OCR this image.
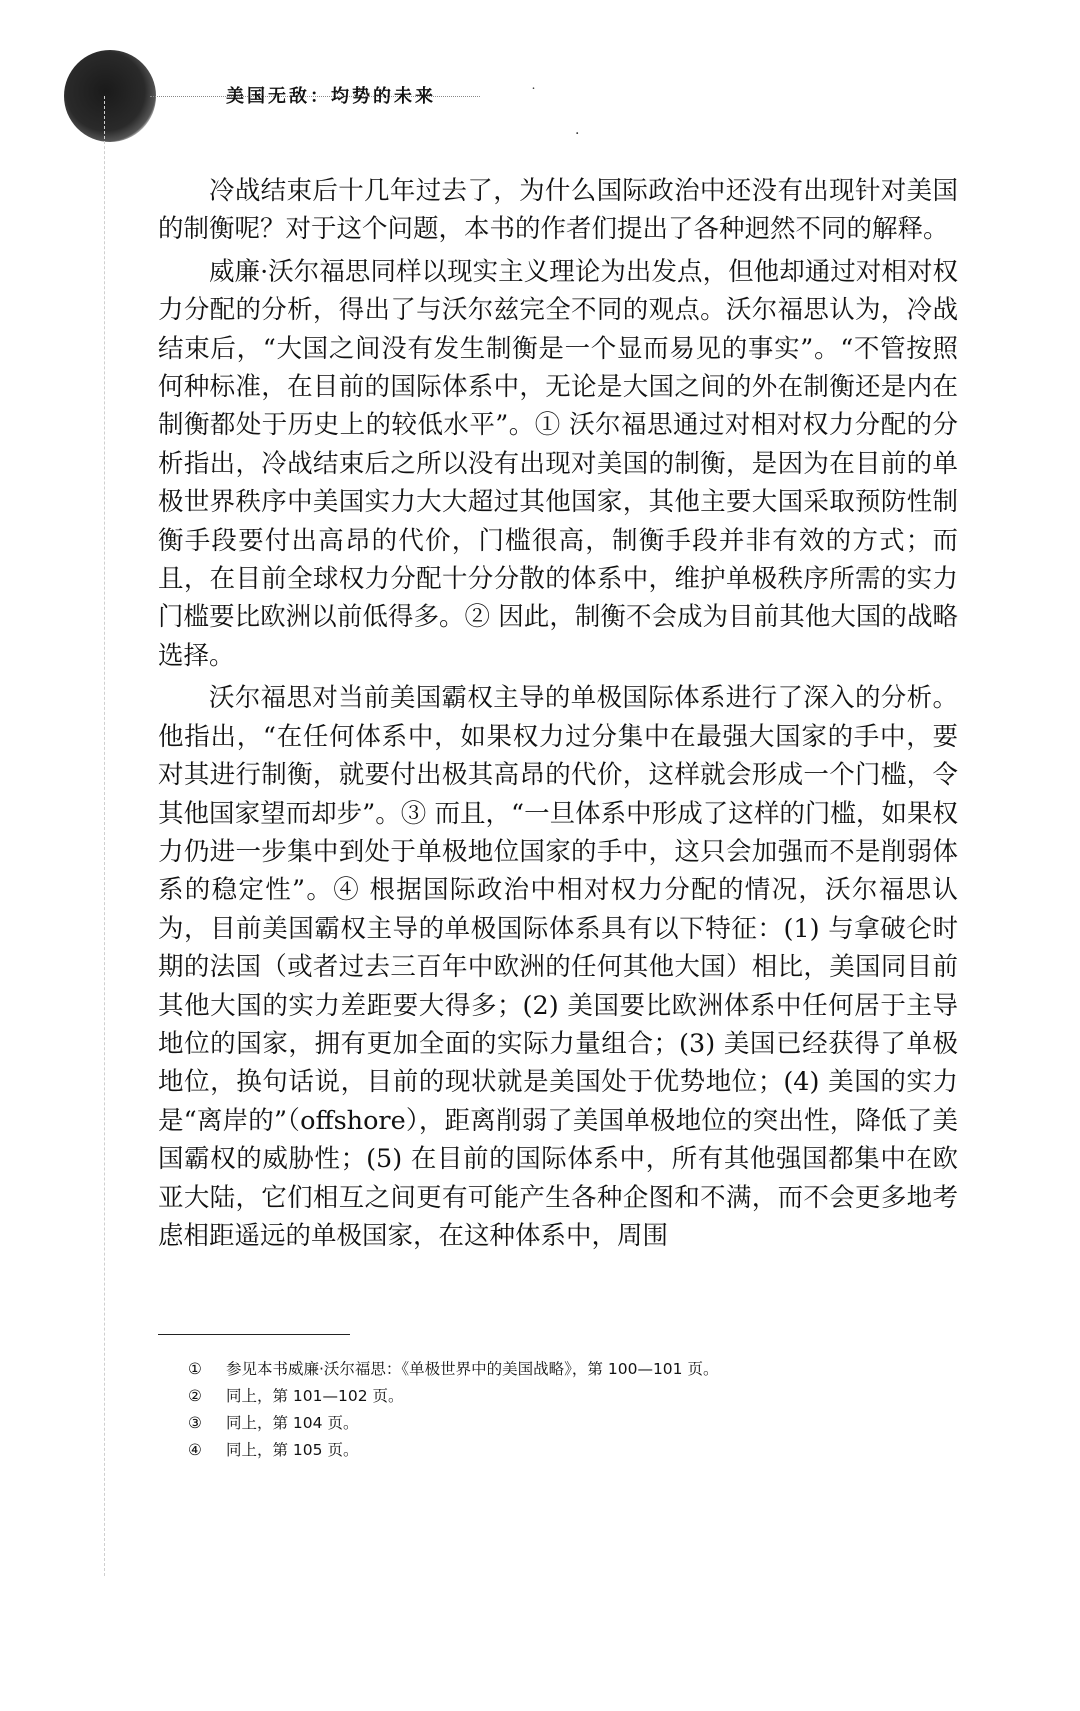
美国无敌：均势的未来	˙
·

冷战结束后十几年过去了，为什么国际政治中还没有出现针对美国的制衡呢？对于这个问题，本书的作者们提出了各种迥然不同的解释。

威廉·沃尔福思同样以现实主义理论为出发点，但他却通过对相对权力分配的分析，得出了与沃尔兹完全不同的观点。沃尔福思认为，冷战结束后，“大国之间没有发生制衡是一个显而易见的事实”。“不管按照何种标准，在目前的国际体系中，无论是大国之间的外在制衡还是内在制衡都处于历史上的较低水平”。① 沃尔福思通过对相对权力分配的分析指出，冷战结束后之所以没有出现对美国的制衡，是因为在目前的单极世界秩序中美国实力大大超过其他国家，其他主要大国采取预防性制衡手段要付出高昂的代价，门槛很高，制衡手段并非有效的方式；而且，在目前全球权力分配十分分散的体系中，维护单极秩序所需的实力门槛要比欧洲以前低得多。② 因此，制衡不会成为目前其他大国的战略选择。

沃尔福思对当前美国霸权主导的单极国际体系进行了深入的分析。他指出，“在任何体系中，如果权力过分集中在最强大国家的手中，要对其进行制衡，就要付出极其高昂的代价，这样就会形成一个门槛，令其他国家望而却步”。③ 而且，“一旦体系中形成了这样的门槛，如果权力仍进一步集中到处于单极地位国家的手中，这只会加强而不是削弱体系的稳定性”。④ 根据国际政治中相对权力分配的情况，沃尔福思认为，目前美国霸权主导的单极国际体系具有以下特征：(1) 与拿破仑时期的法国（或者过去三百年中欧洲的任何其他大国）相比，美国同目前其他大国的实力差距要大得多；(2) 美国要比欧洲体系中任何居于主导地位的国家，拥有更加全面的实际力量组合；(3) 美国已经获得了单极地位，换句话说，目前的现状就是美国处于优势地位；(4) 美国的实力是“离岸的”（offshore），距离削弱了美国单极地位的突出性，降低了美国霸权的威胁性；(5) 在目前的国际体系中，所有其他强国都集中在欧亚大陆，它们相互之间更有可能产生各种企图和不满，而不会更多地考虑相距遥远的单极国家，在这种体系中，周围

① 参见本书威廉·沃尔福思：《单极世界中的美国战略》，第 100—101 页。
② 同上，第 101—102 页。
③ 同上，第 104 页。
④ 同上，第 105 页。
